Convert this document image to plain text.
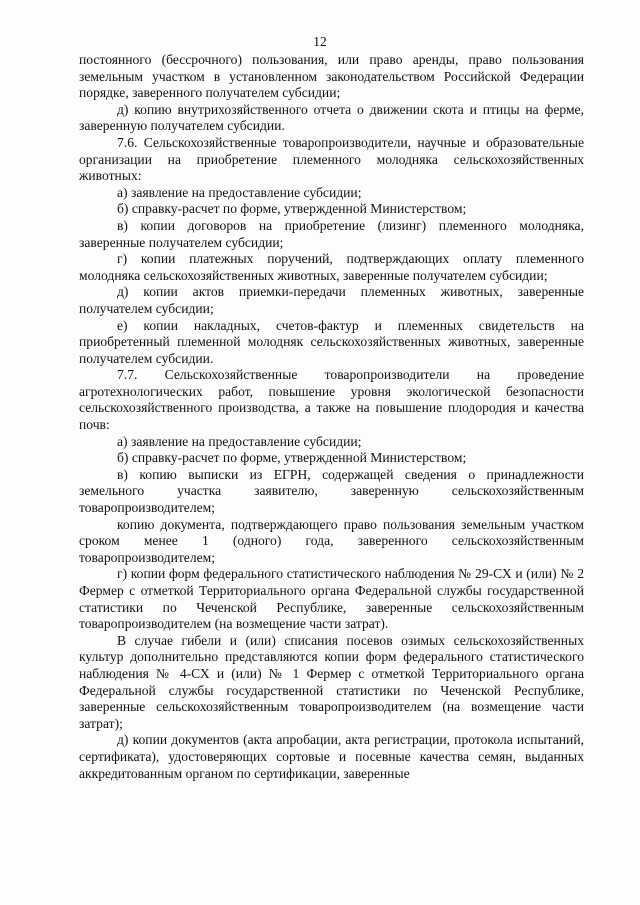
12

постоянного (бессрочного) пользования, или право аренды, право пользования земельным участком в установленном законодательством Российской Федерации порядке, заверенного получателем субсидии;

д) копию внутрихозяйственного отчета о движении скота и птицы на ферме, заверенную получателем субсидии.

7.6. Сельскохозяйственные товаропроизводители, научные и образовательные организации на приобретение племенного молодняка сельскохозяйственных животных:

а) заявление на предоставление субсидии;

б) справку-расчет по форме, утвержденной Министерством;

в) копии договоров на приобретение (лизинг) племенного молодняка, заверенные получателем субсидии;

г) копии платежных поручений, подтверждающих оплату племенного молодняка сельскохозяйственных животных, заверенные получателем субсидии;

д) копии актов приемки-передачи племенных животных, заверенные получателем субсидии;

е) копии накладных, счетов-фактур и племенных свидетельств на приобретенный племенной молодняк сельскохозяйственных животных, заверенные получателем субсидии.

7.7. Сельскохозяйственные товаропроизводители на проведение агротехнологических работ, повышение уровня экологической безопасности сельскохозяйственного производства, а также на повышение плодородия и качества почв:

а) заявление на предоставление субсидии;

б) справку-расчет по форме, утвержденной Министерством;

в) копию выписки из ЕГРН, содержащей сведения о принадлежности земельного участка заявителю, заверенную сельскохозяйственным товаропроизводителем;

копию документа, подтверждающего право пользования земельным участком сроком менее 1 (одного) года, заверенного сельскохозяйственным товаропроизводителем;

г) копии форм федерального статистического наблюдения № 29-СХ и (или) № 2 Фермер с отметкой Территориального органа Федеральной службы государственной статистики по Чеченской Республике, заверенные сельскохозяйственным товаропроизводителем (на возмещение части затрат).

В случае гибели и (или) списания посевов озимых сельскохозяйственных культур дополнительно представляются копии форм федерального статистического наблюдения № 4-СХ и (или) № 1 Фермер с отметкой Территориального органа Федеральной службы государственной статистики по Чеченской Республике, заверенные сельскохозяйственным товаропроизводителем (на возмещение части затрат);

д) копии документов (акта апробации, акта регистрации, протокола испытаний, сертификата), удостоверяющих сортовые и посевные качества семян, выданных аккредитованным органом по сертификации, заверенные
